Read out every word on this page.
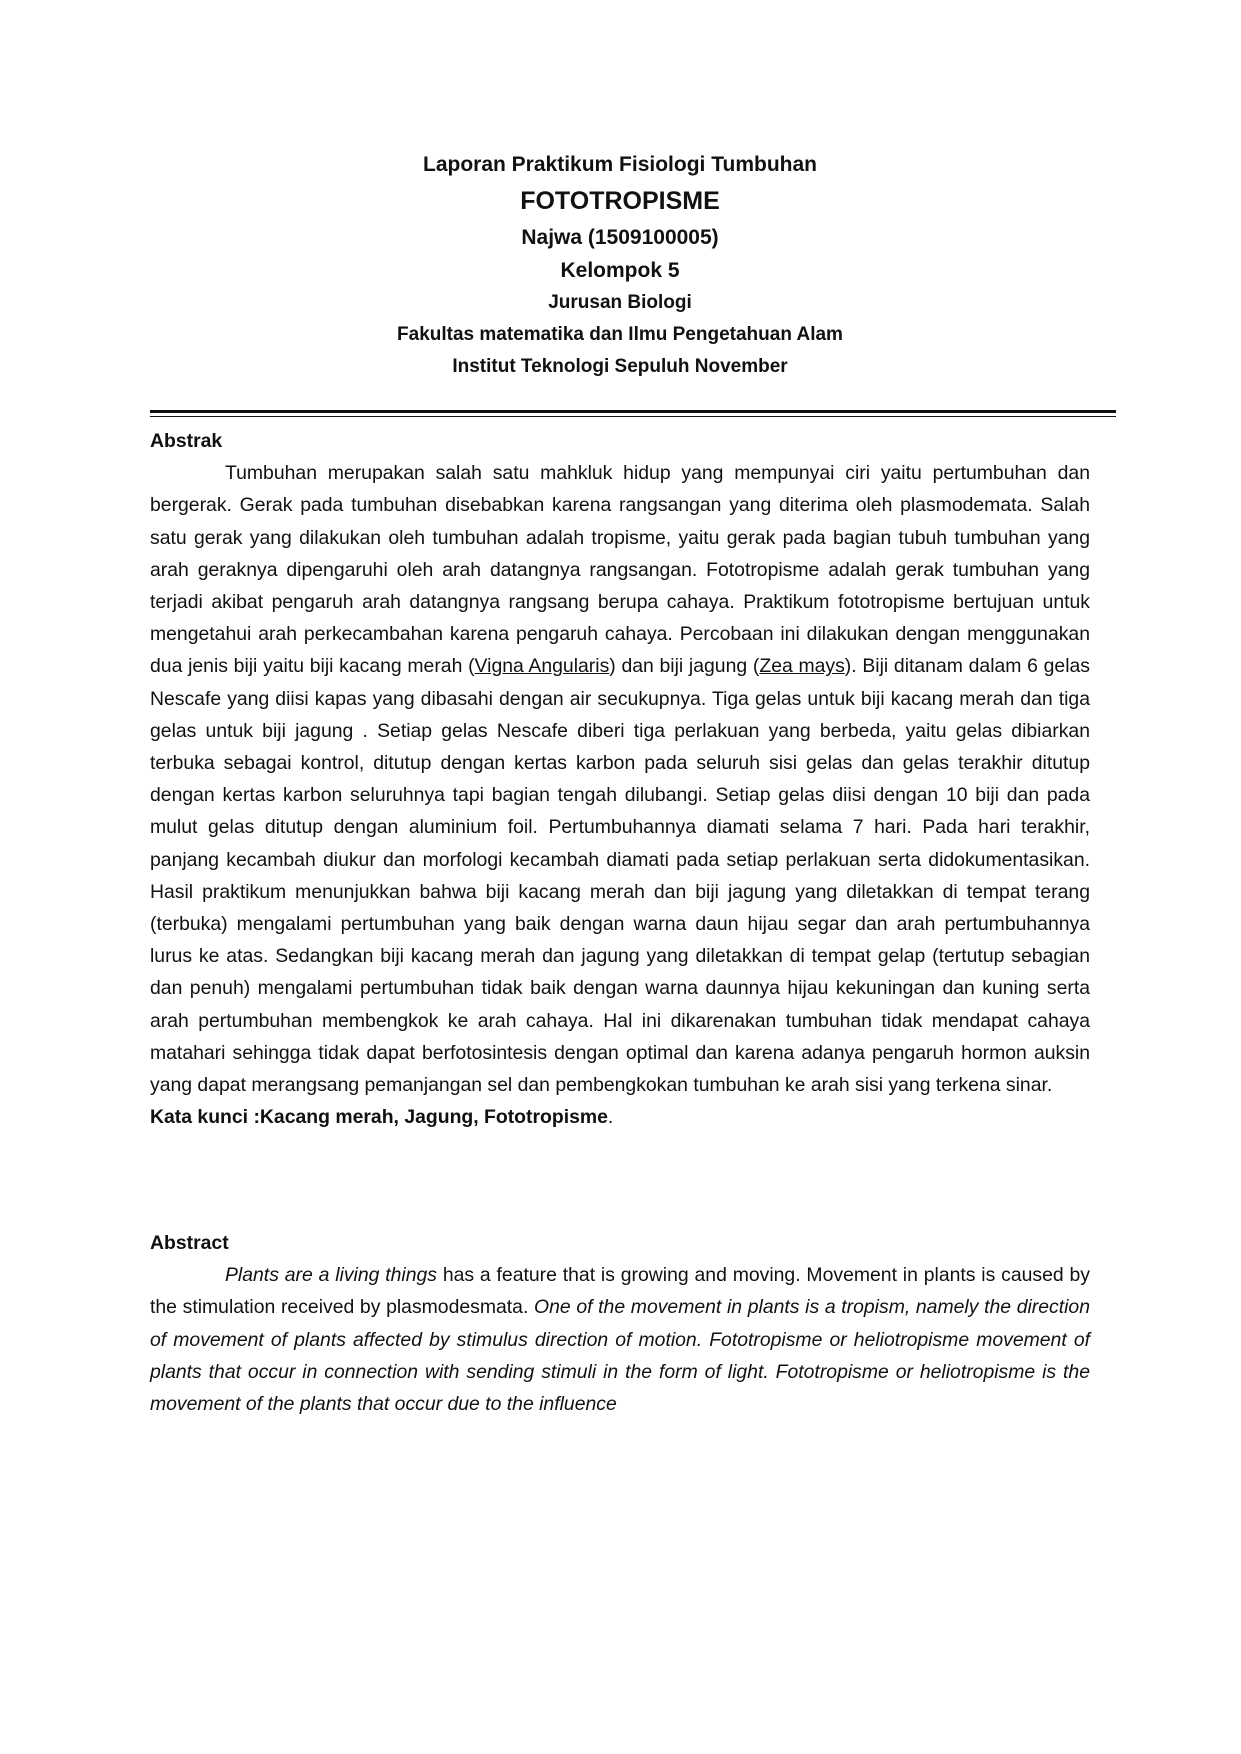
Laporan Praktikum Fisiologi Tumbuhan
FOTOTROPISME
Najwa (1509100005)
Kelompok 5
Jurusan Biologi
Fakultas matematika dan Ilmu Pengetahuan Alam
Institut Teknologi Sepuluh November
Abstrak

Tumbuhan merupakan salah satu mahkluk hidup yang mempunyai ciri yaitu pertumbuhan dan bergerak. Gerak pada tumbuhan disebabkan karena rangsangan yang diterima oleh plasmodemata. Salah satu gerak yang dilakukan oleh tumbuhan adalah tropisme, yaitu gerak pada bagian tubuh tumbuhan yang arah geraknya dipengaruhi oleh arah datangnya rangsangan. Fototropisme adalah gerak tumbuhan yang terjadi akibat pengaruh arah datangnya rangsang berupa cahaya. Praktikum fototropisme bertujuan untuk mengetahui arah perkecambahan karena pengaruh cahaya. Percobaan ini dilakukan dengan menggunakan dua jenis biji yaitu biji kacang merah (Vigna Angularis) dan biji jagung (Zea mays). Biji ditanam dalam 6 gelas Nescafe yang diisi kapas yang dibasahi dengan air secukupnya. Tiga gelas untuk biji kacang merah dan tiga gelas untuk biji jagung . Setiap gelas Nescafe diberi tiga perlakuan yang berbeda, yaitu gelas dibiarkan terbuka sebagai kontrol, ditutup dengan kertas karbon pada seluruh sisi gelas dan gelas terakhir ditutup dengan kertas karbon seluruhnya tapi bagian tengah dilubangi. Setiap gelas diisi dengan 10 biji dan pada mulut gelas ditutup dengan aluminium foil. Pertumbuhannya diamati selama 7 hari. Pada hari terakhir, panjang kecambah diukur dan morfologi kecambah diamati pada setiap perlakuan serta didokumentasikan. Hasil praktikum menunjukkan bahwa biji kacang merah dan biji jagung yang diletakkan di tempat terang (terbuka) mengalami pertumbuhan yang baik dengan warna daun hijau segar dan arah pertumbuhannya lurus ke atas. Sedangkan biji kacang merah dan jagung yang diletakkan di tempat gelap (tertutup sebagian dan penuh) mengalami pertumbuhan tidak baik dengan warna daunnya hijau kekuningan dan kuning serta arah pertumbuhan membengkok ke arah cahaya. Hal ini dikarenakan tumbuhan tidak mendapat cahaya matahari sehingga tidak dapat berfotosintesis dengan optimal dan karena adanya pengaruh hormon auksin yang dapat merangsang pemanjangan sel dan pembengkokan tumbuhan ke arah sisi yang terkena sinar.

Kata kunci :Kacang merah, Jagung, Fototropisme.

Abstract

Plants are a living things has a feature that is growing and moving. Movement in plants is caused by the stimulation received by plasmodesmata. One of the movement in plants is a tropism, namely the direction of movement of plants affected by stimulus direction of motion. Fototropisme or heliotropisme movement of plants that occur in connection with sending stimuli in the form of light. Fototropisme or heliotropisme is the movement of the plants that occur due to the influence
